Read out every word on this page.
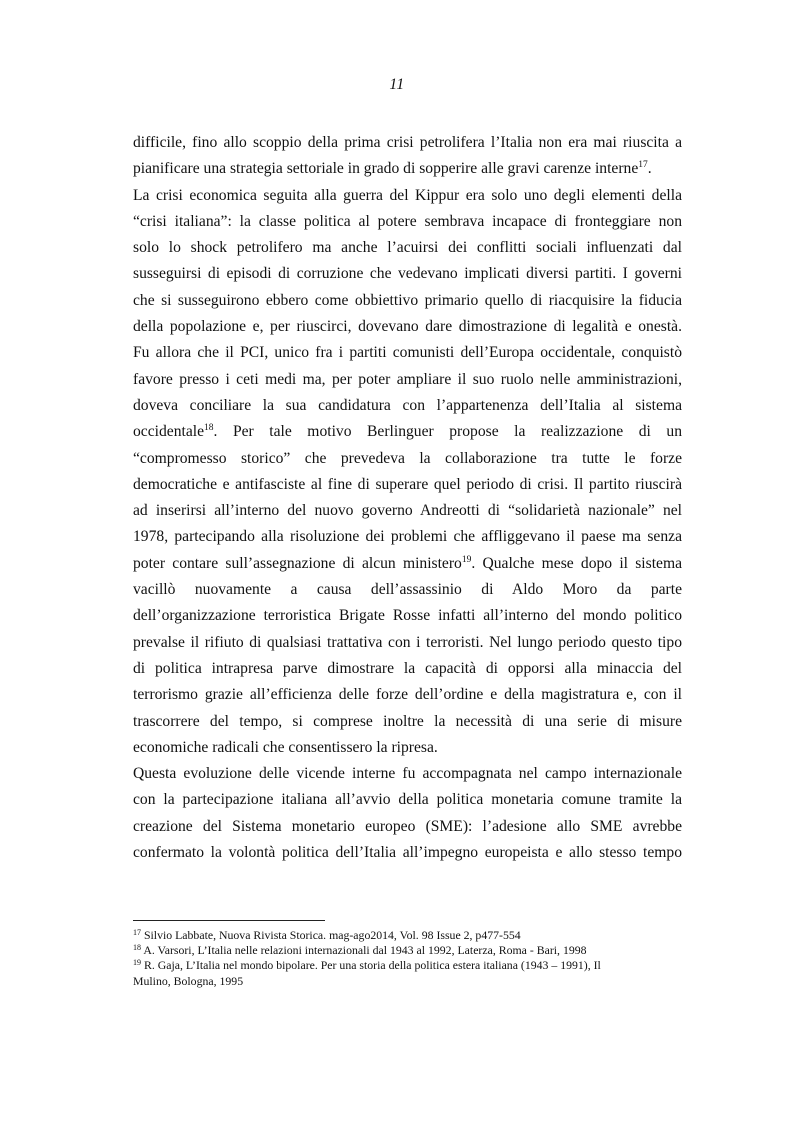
11
difficile, fino allo scoppio della prima crisi petrolifera l’Italia non era mai riuscita a
pianificare una strategia settoriale in grado di sopperire alle gravi carenze interne$^{17}$.
La crisi economica seguita alla guerra del Kippur era solo uno degli elementi della
“crisi italiana”: la classe politica al potere sembrava incapace di fronteggiare non
solo lo shock petrolifero ma anche l’acuirsi dei conflitti sociali influenzati dal
susseguirsi di episodi di corruzione che vedevano implicati diversi partiti. I governi
che si susseguirono ebbero come obbiettivo primario quello di riacquisire la fiducia
della popolazione e, per riuscirci, dovevano dare dimostrazione di legalità e onestà.
Fu allora che il PCI, unico fra i partiti comunisti dell’Europa occidentale, conquistò
favore presso i ceti medi ma, per poter ampliare il suo ruolo nelle amministrazioni,
doveva conciliare la sua candidatura con l’appartenenza dell’Italia al sistema
occidentale$^{18}$. Per tale motivo Berlinguer propose la realizzazione di un
“compromesso storico” che prevedeva la collaborazione tra tutte le forze
democratiche e antifasciste al fine di superare quel periodo di crisi. Il partito riuscirà
ad inserirsi all’interno del nuovo governo Andreotti di “solidarietà nazionale” nel
1978, partecipando alla risoluzione dei problemi che affliggevano il paese ma senza
poter contare sull’assegnazione di alcun ministero$^{19}$. Qualche mese dopo il sistema
vacillò nuovamente a causa dell’assassinio di Aldo Moro da parte
dell’organizzazione terroristica Brigate Rosse infatti all’interno del mondo politico
prevalse il rifiuto di qualsiasi trattativa con i terroristi. Nel lungo periodo questo tipo
di politica intrapresa parve dimostrare la capacità di opporsi alla minaccia del
terrorismo grazie all’efficienza delle forze dell’ordine e della magistratura e, con il
trascorrere del tempo, si comprese inoltre la necessità di una serie di misure
economiche radicali che consentissero la ripresa.
Questa evoluzione delle vicende interne fu accompagnata nel campo internazionale
con la partecipazione italiana all’avvio della politica monetaria comune tramite la
creazione del Sistema monetario europeo (SME): l’adesione allo SME avrebbe
confermato la volontà politica dell’Italia all’impegno europeista e allo stesso tempo
$^{17}$ Silvio Labbate, Nuova Rivista Storica. mag-ago2014, Vol. 98 Issue 2, p477-554
$^{18}$ A. Varsori, L’Italia nelle relazioni internazionali dal 1943 al 1992, Laterza, Roma - Bari, 1998
$^{19}$ R. Gaja, L’Italia nel mondo bipolare. Per una storia della politica estera italiana (1943 – 1991), Il
Mulino, Bologna, 1995
